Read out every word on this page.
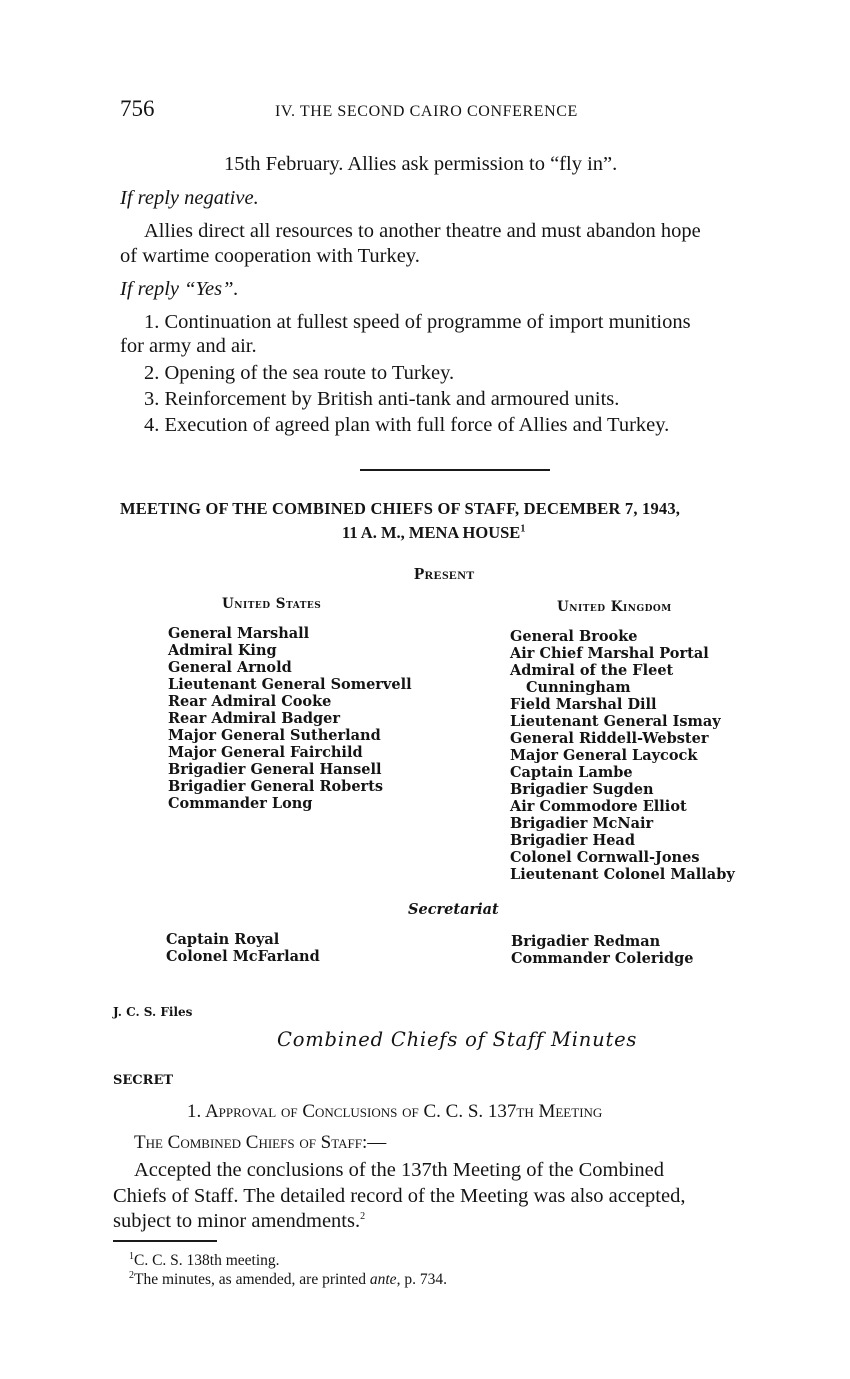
756	IV. THE SECOND CAIRO CONFERENCE
15th February. Allies ask permission to “fly in”.
If reply negative.
Allies direct all resources to another theatre and must abandon hope
of wartime cooperation with Turkey.
If reply “Yes”.
1. Continuation at fullest speed of programme of import munitions
for army and air.
2. Opening of the sea route to Turkey.
3. Reinforcement by British anti-tank and armoured units.
4. Execution of agreed plan with full force of Allies and Turkey.
MEETING OF THE COMBINED CHIEFS OF STAFF, DECEMBER 7, 1943,
11 A. M., MENA HOUSE$^1$
Present
United States	United Kingdom
General Marshall
Admiral King
General Arnold
Lieutenant General Somervell
Rear Admiral Cooke
Rear Admiral Badger
Major General Sutherland
Major General Fairchild
Brigadier General Hansell
Brigadier General Roberts
Commander Long
General Brooke
Air Chief Marshal Portal
Admiral of the Fleet
Cunningham
Field Marshal Dill
Lieutenant General Ismay
General Riddell-Webster
Major General Laycock
Captain Lambe
Brigadier Sugden
Air Commodore Elliot
Brigadier McNair
Brigadier Head
Colonel Cornwall-Jones
Lieutenant Colonel Mallaby
Secretariat
Captain Royal
Colonel McFarland
Brigadier Redman
Commander Coleridge
J. C. S. Files
Combined Chiefs of Staff Minutes
SECRET
1. Approval of Conclusions of C. C. S. 137th Meeting
The Combined Chiefs of Staff:—
Accepted the conclusions of the 137th Meeting of the Combined
Chiefs of Staff. The detailed record of the Meeting was also accepted,
subject to minor amendments.$^2$
$^1$C. C. S. 138th meeting.
$^2$The minutes, as amended, are printed ante, p. 734.
